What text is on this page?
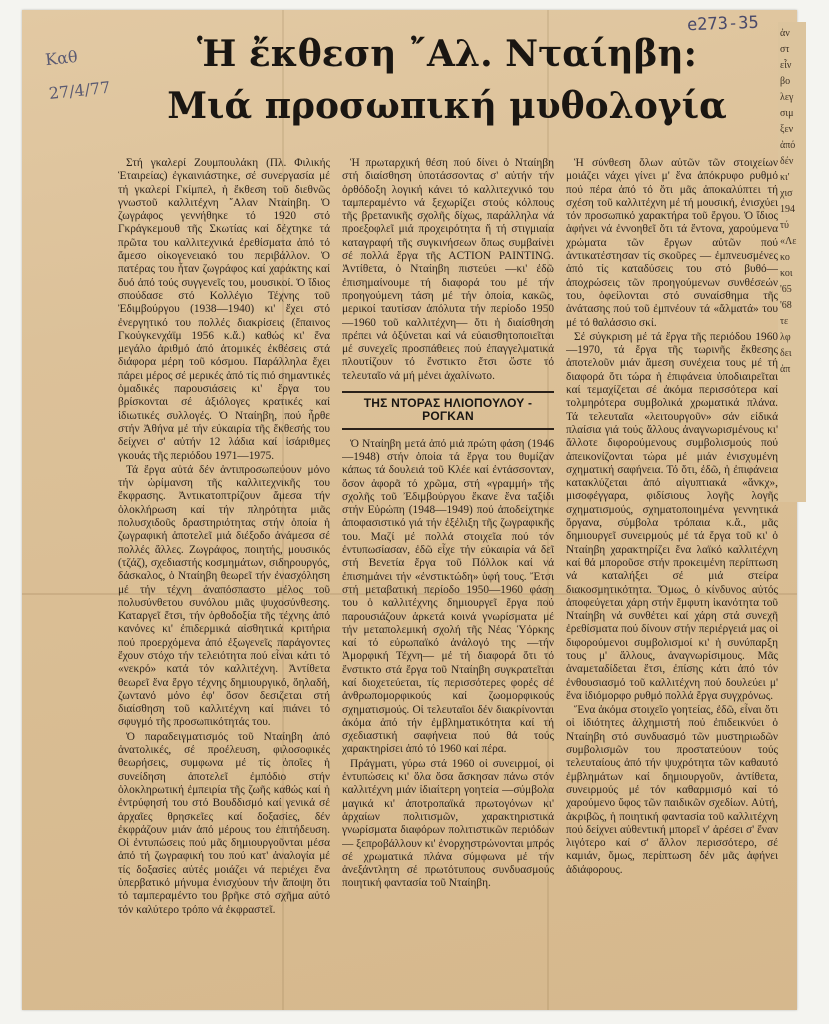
Καθ
27/4/77
e273-35
Ἡ ἔκθεση ῎Αλ. Νταίηβη:
Μιά προσωπική μυθολογία

Στή γκαλερί Ζουμπουλάκη (Πλ. Φιλικής Ἑταιρείας) ἐγκαινιάστηκε, σέ συνεργασία μέ τή γκαλερί Γκίμπελ, ἡ ἔκθεση τοῦ διεθνῶς γνωστοῦ καλλιτέχνη ῎Αλαν Νταίηβη. Ὁ ζωγράφος γεννήθηκε τό 1920 στό Γκράγκεμουθ τῆς Σκωτίας καί δέχτηκε τά πρῶτα του καλλιτεχνικά ἐρεθίσματα ἀπό τό ἄμεσο οἰκογενειακό του περιβάλλον. Ὁ πατέρας του ἦταν ζωγράφος καί χαράκτης καί δυό ἀπό τούς συγγενεῖς του, μουσικοί. Ὁ ἴδιος σπούδασε στό Κολλέγιο Τέχνης τοῦ Ἐδιμβούργου (1938—1940) κι' ἔχει στό ἐνεργητικό του πολλές διακρίσεις (ἔπαινος Γκούγκενχάϊμ 1956 κ.ἄ.) καθώς κι' ἕνα μεγάλο ἀριθμό ἀπό ἀτομικές ἐκθέσεις στά διάφορα μέρη τοῦ κόσμου. Παράλληλα ἔχει πάρει μέρος σέ μερικές ἀπό τίς πιό σημαντικές ὁμαδικές παρουσιάσεις κι' ἔργα του βρίσκονται σέ ἀξιόλογες κρατικές καί ἰδιωτικές συλλογές. Ὁ Νταίηβη, πού ἦρθε στήν Ἀθήνα μέ τήν εὐκαιρία τῆς ἔκθεσής του δείχνει σ' αὐτήν 12 λάδια καί ἰσάριθμες γκουάς τῆς περιόδου 1971—1975.

Τά ἔργα αὐτά δέν ἀντιπροσωπεύουν μόνο τήν ὡρίμανση τῆς καλλιτεχνικῆς του ἔκφρασης. Ἀντικατοπτρίζουν ἄμεσα τήν ὁλοκλήρωση καί τήν πληρότητα μιᾶς πολυσχιδοῦς δραστηριότητας στήν ὁποία ἡ ζωγραφική ἀποτελεῖ μιά διέξοδο ἀνάμεσα σέ πολλές ἄλλες. Ζωγράφος, ποιητής, μουσικός (τζάζ), σχεδιαστής κοσμημάτων, σιδηρουργός, δάσκαλος, ὁ Νταίηβη θεωρεῖ τήν ἐνασχόληση μέ τήν τέχνη ἀναπόσπαστο μέλος τοῦ πολυσύνθετου συνόλου μιᾶς ψυχοσύνθεσης. Καταργεῖ ἔτσι, τήν ὀρθοδοξία τῆς τέχνης ἀπό κανόνες κι' ἐπιδερμικά αἰσθητικά κριτήρια πού προερχόμενα ἀπό ἐξωγενεῖς παράγοντες ἔχουν στόχο τήν τελειότητα πού εἶναι κάτι τό «νεκρό» κατά τόν καλλιτέχνη. Ἀντίθετα θεωρεῖ ἕνα ἔργο τέχνης δημιουργικό, ὅηλαδή, ζωντανό μόνο ἐφ' ὅσον δεσιζεται στή διαίσθηση τοῦ καλλιτέχνη καί πιάνει τό σφυγμό τῆς προσωπικότητάς του.

Ὁ παραδειγματισμός τοῦ Νταίηβη ἀπό ἀνατολικές, σέ προέλευση, φιλοσοφικές θεωρήσεις, συμφωνα μέ τίς ὁποῖες ἡ συνείδηση ἀποτελεῖ ἐμπόδιο στήν ὁλοκληρωτική ἐμπειρία τῆς ζωῆς καθώς καί ἡ ἐντρύφησή του στό Βουδδισμό καί γενικά σέ ἀρχαῖες θρησκεῖες καί δοξασίες, δέν ἐκφράζουν μιάν ἀπό μέρους του ἐπιτήδευση. Οἱ ἐντυπώσεις πού μᾶς δημιουργοῦνται μέσα ἀπό τή ζωγραφική του πού κατ' ἀναλογία μέ τίς δοξασίες αὐτές μοιάζει νά περιέχει ἕνα ὑπερβατικό μήνυμα ἐνισχύουν τήν ἄποψη ὅτι τό ταμπεραμέντο του βρῆκε στό σχῆμα αὐτό τόν καλύτερο τρόπο νά ἐκφραστεῖ.

Ἡ πρωταρχική θέση πού δίνει ὁ Νταίηβη στή διαίσθηση ὑποτάσσοντας σ' αὐτήν τήν ὀρθόδοξη λογική κάνει τό καλλιτεχνικό του ταμπεραμέντο νά ξεχωρίζει στούς κόλπους τῆς βρετανικῆς σχολῆς δίχως, παράλληλα νά προεξοφλεῖ μιά προχειρότητα ἤ τή στιγμιαία καταγραφή τῆς συγκινήσεων ὅπως συμβαίνει σέ πολλά ἔργα τῆς ACTION PAINTING. Ἀντίθετα, ὁ Νταίηβη πιστεύει —κι' ἐδῶ ἐπισημαίνουμε τή διαφορά του μέ τήν προηγούμενη τάση μέ τήν ὁποία, κακῶς, μερικοί ταυτίσαν ἀπόλυτα τήν περίοδο 1950—1960 τοῦ καλλιτέχνη— ὅτι ἡ διαίσθηση πρέπει νά ὀξύνεται καί νά εὐαισθητοποιεῖται μέ συνεχεῖς προσπάθειες πού ἐπαγγελματικά πλουτίζουν τό ἔνστικτο ἔτσι ὥστε τό τελευταῖο νά μή μένει ἀχαλίνωτο.

ΤΗΣ ΝΤΟΡΑΣ ΗΛΙΟΠΟΥΛΟΥ - ΡΟΓΚΑΝ

Ὁ Νταίηβη μετά ἀπό μιά πρώτη φάση (1946—1948) στήν ὁποία τά ἔργα του θυμίζαν κάπως τά δουλειά τοῦ Κλέε καί ἐντάσσονταν, ὅσον ἀφορᾶ τό χρῶμα, στή «γραμμή» τῆς σχολῆς τοῦ Ἐδιμβούργου ἔκανε ἕνα ταξίδι στήν Εὐρώπη (1948—1949) πού ἀποδείχτηκε ἀποφασιστικό γιά τήν ἐξέλιξη τῆς ζωγραφικῆς του. Μαζί μέ πολλά στοιχεῖα πού τόν ἐντυπωσίασαν, ἐδῶ εἶχε τήν εὐκαιρία νά δεῖ στή Βενετία ἔργα τοῦ Πόλλοκ καί νά ἐπισημάνει τήν «ἐνστικτώδη» ὑφή τους. Ἔτσι στή μεταβατική περίοδο 1950—1960 φάση του ὁ καλλιτέχνης δημιουργεῖ ἔργα πού παρουσιάζουν ἀρκετά κοινά γνωρίσματα μέ τήν μεταπολεμική σχολή τῆς Νέας Ὑόρκης καί τό εὐρωπαϊκό ἀνάλογό της —τήν Ἀμορφική Τέχνη— μέ τή διαφορά ὅτι τό ἔνστικτο στά ἔργα τοῦ Νταίηβη συγκρατεῖται καί διοχετεύεται, τίς περισσότερες φορές σέ ἀνθρωπομορφικούς καί ζωομορφικούς σχηματισμούς. Οἱ τελευταῖοι δέν διακρίνονται ἀκόμα ἀπό τήν ἐμβληματικότητα καί τή σχεδιαστική σαφήνεια πού θά τούς χαρακτηρίσει ἀπό τό 1960 καί πέρα.

Πράγματι, γύρω στά 1960 οἱ συνειρμοί, οἱ ἐντυπώσεις κι' ὅλα ὅσα ἄσκησαν πάνω στόν καλλιτέχνη μιάν ἰδιαίτερη γοητεία —σύμβολα μαγικά κι' ἀποτροπαϊκά πρωτογόνων κι' ἀρχαίων πολιτισμῶν, χαρακτηριστικά γνωρίσματα διαφόρων πολιτιστικῶν περιόδων— ξεπροβάλλουν κι' ἐνορχηστρώνονται μπρός σέ χρωματικά πλάνα σύμφωνα μέ τήν ἀνεξάντλητη σέ πρωτότυπους συνδυασμούς ποιητική φαντασία τοῦ Νταίηβη.

Ἡ σύνθεση ὅλων αὐτῶν τῶν στοιχείων μοιάζει νάχει γίνει μ' ἕνα ἀπόκρυφο ρυθμό πού πέρα ἀπό τό ὅτι μᾶς ἀποκαλύπτει τή σχέση τοῦ καλλιτέχνη μέ τή μουσική, ἐνισχύει τόν προσωπικό χαρακτήρα τοῦ ἔργου. Ὁ ἴδιος ἀφήνει νά ἐννοηθεῖ ὅτι τά ἔντονα, χαρούμενα χρώματα τῶν ἔργων αὐτῶν πού ἀντικατέστησαν τίς σκοῦρες — ἐμπνευσμένες ἀπό τίς καταδύσεις του στό βυθό— ἀποχρώσεις τῶν προηγούμενων συνθέσεών του, ὀφείλονται στό συναίσθημα τῆς ἀνάτασης πού τοῦ ἐμπνέουν τά «ἄλματά» του μέ τό θαλάσσιο σκί.

Σέ σύγκριση μέ τά ἔργα τῆς περιόδου 1960—1970, τά ἔργα τῆς τωρινῆς ἔκθεσης ἀποτελοῦν μιάν ἄμεση συνέχεια τους μέ τή διαφορά ὅτι τώρα ἡ ἐπιφάνεια ὑποδιαιρεῖται καί τεμαχίζεται σέ ἀκόμα περισσότερα καί τολμηρότερα συμβολικά χρωματικά πλάνα. Τά τελευταῖα «λειτουργοῦν» σάν εἰδικά πλαίσια γιά τούς ἄλλους ἀναγνωρισμένους κι' ἄλλοτε διφορούμενους συμβολισμούς πού ἀπεικονίζονται τώρα μέ μιάν ἐνισχυμένη σχηματική σαφήνεια. Τό ὅτι, ἐδῶ, ἡ ἐπιφάνεια κατακλύζεται ἀπό αἰγυπτιακά «ἄνκχ», μισοφέγγαρα, φιδίσιους λογῆς λογῆς σχηματισμούς, σχηματοποιημένα γεννητικά ὄργανα, σύμβολα τρόπαια κ.ἄ., μᾶς δημιουργεῖ συνειρμούς μέ τά ἔργα τοῦ κι' ὁ Νταίηβη χαρακτηρίζει ἕνα λαϊκό καλλιτέχνη καί θά μποροῦσε στήν προκειμένη περίπτωση νά καταλήξει σέ μιά στείρα διακοσμητικότητα. Ὅμως, ὁ κίνδυνος αὐτός ἀποφεύγεται χάρη στήν ἔμφυτη ἱκανότητα τοῦ Νταίηβη νά συνθέτει καί χάρη στά συνεχῆ ἐρεθίσματα πού δίνουν στήν περιέργειά μας οἱ διφορούμενοι συμβολισμοί κι' ἡ συνύπαρξη τους μ' ἄλλους, ἀναγνωρίσιμους. Μᾶς ἀναμεταδίδεται ἔτσι, ἐπίσης κάτι ἀπό τόν ἐνθουσιασμό τοῦ καλλιτέχνη πού δουλεύει μ' ἕνα ἰδιόμορφο ρυθμό πολλά ἔργα συγχρόνως.

Ἕνα ἀκόμα στοιχεῖο γοητείας, ἐδῶ, εἶναι ὅτι οἱ ἰδιότητες ἀλχημιστή πού ἐπιδεικνύει ὁ Νταίηβη στό συνδυασμό τῶν μυστηριωδῶν συμβολισμῶν του προστατεύουν τούς τελευταίους ἀπό τήν ψυχρότητα τῶν καθαυτό ἐμβλημάτων καί δημιουργοῦν, ἀντίθετα, συνειρμούς μέ τόν καθαρμισμό καί τό χαρούμενο ὕφος τῶν παιδικῶν σχεδίων. Αὐτή, ἀκριβῶς, ἡ ποιητική φαντασία τοῦ καλλιτέχνη πού δείχνει αὐθεντική μπορεῖ ν' ἀρέσει σ' ἕναν λιγότερο καί σ' ἄλλον περισσότερο, σέ καμιάν, ὅμως, περίπτωση δέν μᾶς ἀφήνει ἀδιάφορους.

ἀν
στ
εἶν
βο
λεγ
σιμ
ξεν
ἀπό
δέν
κι'
χισ
194
τύ
«Λε
κο
κοι
'65
'68
τε
λφ
δει
ἀπ
